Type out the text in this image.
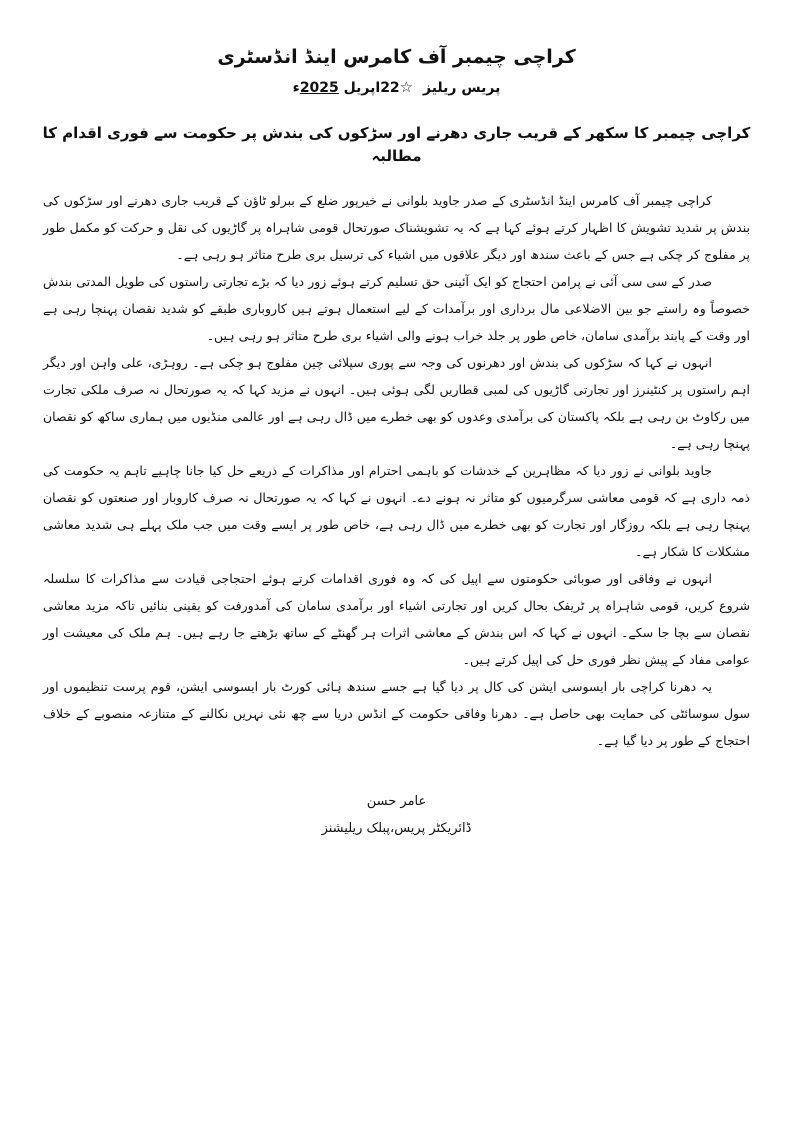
کراچی چیمبر آف کامرس اینڈ انڈسٹری
پریس ریلیز ☆22اپریل 2025ء
کراچی چیمبر کا سکھر کے قریب جاری دھرنے اور سڑکوں کی بندش پر حکومت سے فوری اقدام کا مطالبہ

کراچی چیمبر آف کامرس اینڈ انڈسٹری کے صدر جاوید بلوانی نے خیرپور ضلع کے ببرلو ٹاؤن کے قریب جاری دھرنے اور سڑکوں کی بندش پر شدید تشویش کا اظہار کرتے ہوئے کہا ہے کہ یہ تشویشناک صورتحال قومی شاہراہ پر گاڑیوں کی نقل و حرکت کو مکمل طور پر مفلوج کر چکی ہے جس کے باعث سندھ اور دیگر علاقوں میں اشیاء کی ترسیل بری طرح متاثر ہو رہی ہے۔

صدر کے سی سی آئی نے پرامن احتجاج کو ایک آئینی حق تسلیم کرتے ہوئے زور دیا کہ بڑے تجارتی راستوں کی طویل المدتی بندش خصوصاً وہ راستے جو بین الاضلاعی مال برداری اور برآمدات کے لیے استعمال ہوتے ہیں کاروباری طبقے کو شدید نقصان پہنچا رہی ہے اور وقت کے پابند برآمدی سامان، خاص طور پر جلد خراب ہونے والی اشیاء بری طرح متاثر ہو رہی ہیں۔

انہوں نے کہا کہ سڑکوں کی بندش اور دھرنوں کی وجہ سے پوری سپلائی چین مفلوج ہو چکی ہے۔ روہڑی، علی واہن اور دیگر اہم راستوں پر کنٹینرز اور تجارتی گاڑیوں کی لمبی قطاریں لگی ہوئی ہیں۔ انہوں نے مزید کہا کہ یہ صورتحال نہ صرف ملکی تجارت میں رکاوٹ بن رہی ہے بلکہ پاکستان کی برآمدی وعدوں کو بھی خطرے میں ڈال رہی ہے اور عالمی منڈیوں میں ہماری ساکھ کو نقصان پہنچا رہی ہے۔

جاوید بلوانی نے زور دیا کہ مظاہرین کے خدشات کو باہمی احترام اور مذاکرات کے ذریعے حل کیا جانا چاہیے تاہم یہ حکومت کی ذمہ داری ہے کہ قومی معاشی سرگرمیوں کو متاثر نہ ہونے دے۔ انہوں نے کہا کہ یہ صورتحال نہ صرف کاروبار اور صنعتوں کو نقصان پہنچا رہی ہے بلکہ روزگار اور تجارت کو بھی خطرے میں ڈال رہی ہے، خاص طور پر ایسے وقت میں جب ملک پہلے ہی شدید معاشی مشکلات کا شکار ہے۔

انہوں نے وفاقی اور صوبائی حکومتوں سے اپیل کی کہ وہ فوری اقدامات کرتے ہوئے احتجاجی قیادت سے مذاکرات کا سلسلہ شروع کریں، قومی شاہراہ پر ٹریفک بحال کریں اور تجارتی اشیاء اور برآمدی سامان کی آمدورفت کو یقینی بنائیں تاکہ مزید معاشی نقصان سے بچا جا سکے۔ انہوں نے کہا کہ اس بندش کے معاشی اثرات ہر گھنٹے کے ساتھ بڑھتے جا رہے ہیں۔ ہم ملک کی معیشت اور عوامی مفاد کے پیش نظر فوری حل کی اپیل کرتے ہیں۔

یہ دھرنا کراچی بار ایسوسی ایشن کی کال پر دیا گیا ہے جسے سندھ ہائی کورٹ بار ایسوسی ایشن، قوم پرست تنظیموں اور سول سوسائٹی کی حمایت بھی حاصل ہے۔ دھرنا وفاقی حکومت کے انڈس دریا سے چھ نئی نہریں نکالنے کے متنازعہ منصوبے کے خلاف احتجاج کے طور پر دیا گیا ہے۔

عامر حسن
ڈائریکٹر پریس،پبلک ریلیشنز
